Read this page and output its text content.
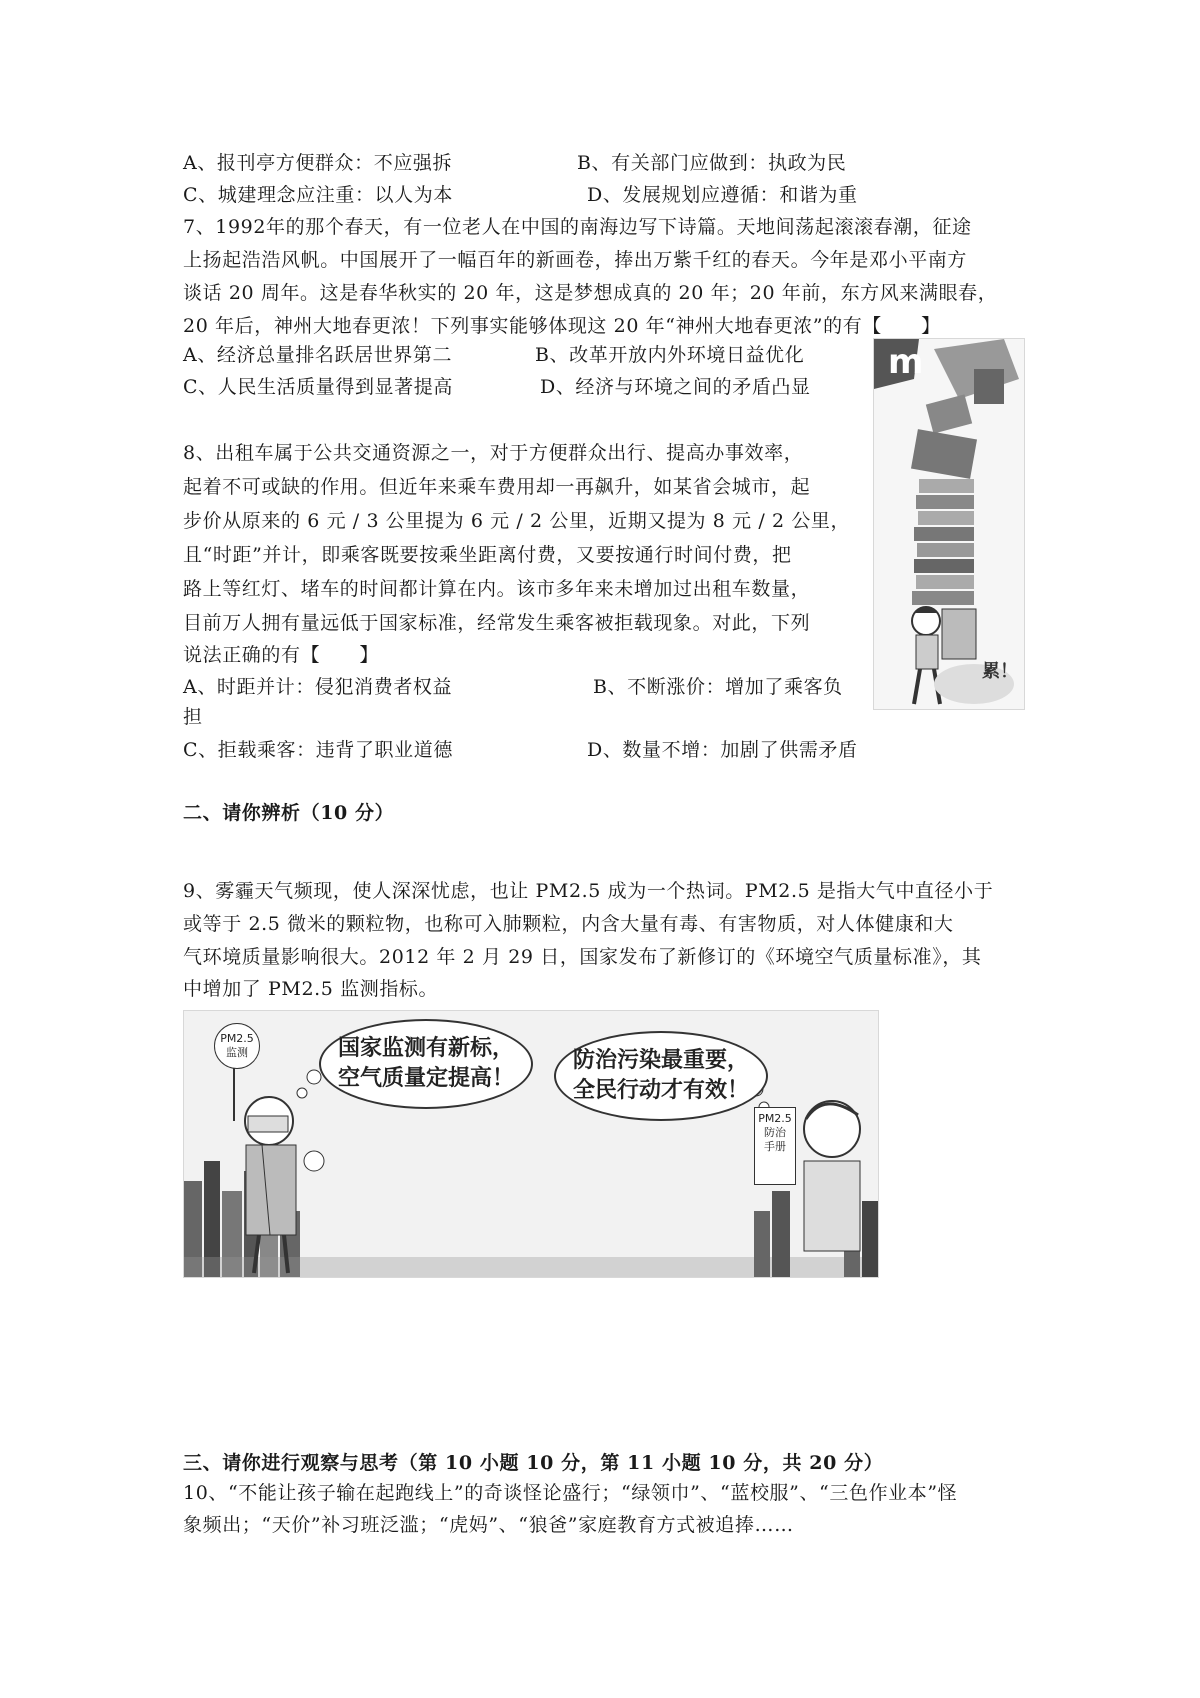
A、报刊亭方便群众：不应强拆	B、有关部门应做到：执政为民
C、城建理念应注重：以人为本	D、发展规划应遵循：和谐为重
7、1992年的那个春天，有一位老人在中国的南海边写下诗篇。天地间荡起滚滚春潮，征途
上扬起浩浩风帆。中国展开了一幅百年的新画卷，捧出万紫千红的春天。今年是邓小平南方
谈话 20 周年。这是春华秋实的 20 年，这是梦想成真的 20 年；20 年前，东方风来满眼春，
20 年后，神州大地春更浓！下列事实能够体现这 20 年“神州大地春更浓”的有【　　】
A、经济总量排名跃居世界第二	B、改革开放内外环境日益优化
C、人民生活质量得到显著提高	D、经济与环境之间的矛盾凸显
m
累！
8、出租车属于公共交通资源之一，对于方便群众出行、提高办事效率，
起着不可或缺的作用。但近年来乘车费用却一再飙升，如某省会城市，起
步价从原来的 6 元 / 3 公里提为 6 元 / 2 公里，近期又提为 8 元 / 2 公里，
且“时距”并计，即乘客既要按乘坐距离付费，又要按通行时间付费，把
路上等红灯、堵车的时间都计算在内。该市多年来未增加过出租车数量，
目前万人拥有量远低于国家标准，经常发生乘客被拒载现象。对此，下列
说法正确的有【　　】
A、时距并计：侵犯消费者权益	B、不断涨价：增加了乘客负
担
C、拒载乘客：违背了职业道德	D、数量不增：加剧了供需矛盾
二、请你辨析（10 分）
9、雾霾天气频现，使人深深忧虑，也让 PM2.5 成为一个热词。PM2.5 是指大气中直径小于
或等于 2.5 微米的颗粒物，也称可入肺颗粒，内含大量有毒、有害物质，对人体健康和大
气环境质量影响很大。2012 年 2 月 29 日，国家发布了新修订的《环境空气质量标准》，其
中增加了 PM2.5 监测指标。
PM2.5
监测	国家监测有新标，
空气质量定提高！
防治污染最重要，
全民行动才有效！
PM2.5
防治
手册
三、请你进行观察与思考（第 10 小题 10 分，第 11 小题 10 分，共 20 分）
10、“不能让孩子输在起跑线上”的奇谈怪论盛行；“绿领巾”、“蓝校服”、“三色作业本”怪
象频出；“天价”补习班泛滥；“虎妈”、“狼爸”家庭教育方式被追捧……
